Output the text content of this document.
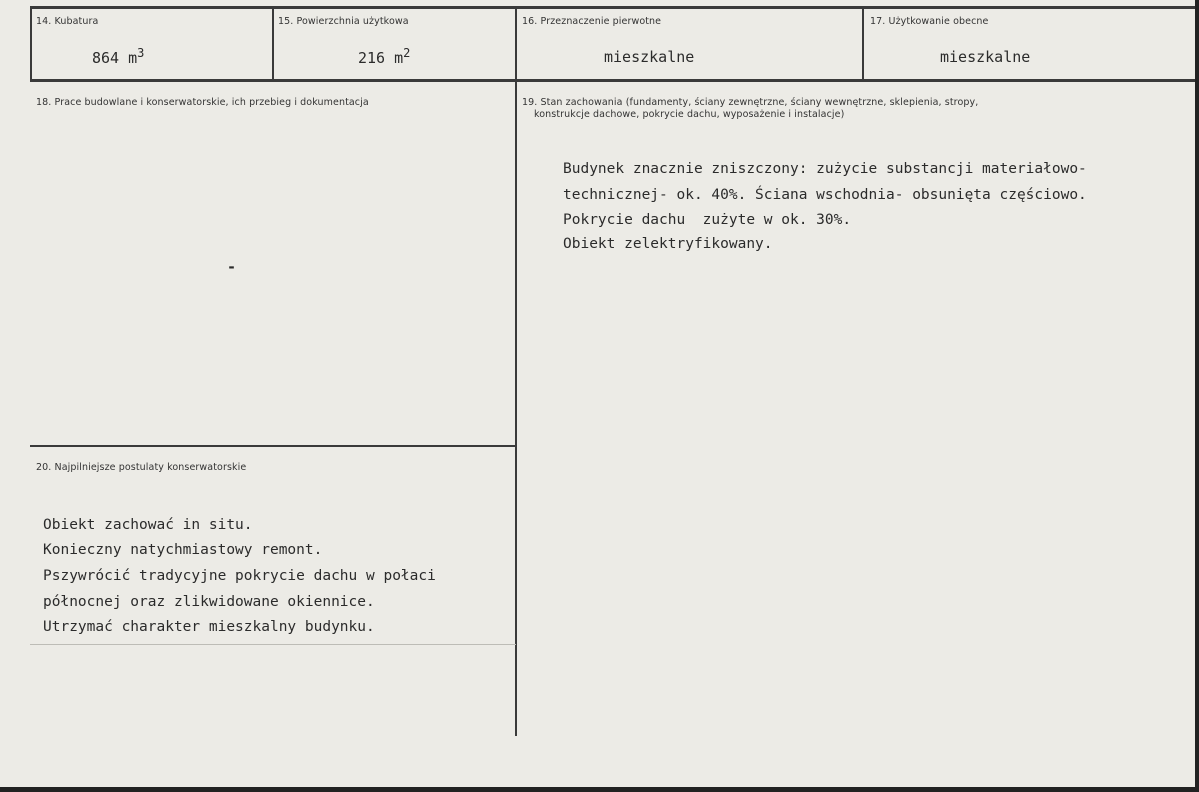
14. Kubatura
864 $m^3$
15. Powierzchnia użytkowa
216 $m^2$
16. Przeznaczenie pierwotne
mieszkalne
17. Użytkowanie obecne
mieszkalne
18. Prace budowlane i konserwatorskie, ich przebieg i dokumentacja
-
19. Stan zachowania (fundamenty, ściany zewnętrzne, ściany wewnętrzne, sklepienia, stropy,
konstrukcje dachowe, pokrycie dachu, wyposażenie i instalacje)
Budynek znacznie zniszczony: zużycie substancji materiałowo-
technicznej- ok. 40%. Ściana wschodnia- obsunięta częściowo.
Pokrycie dachu  zużyte w ok. 30%.
Obiekt zelektryfikowany.
20. Najpilniejsze postulaty konserwatorskie
Obiekt zachować in situ.
Konieczny natychmiastowy remont.
Pszywrócić tradycyjne pokrycie dachu w połaci
północnej oraz zlikwidowane okiennice.
Utrzymać charakter mieszkalny budynku.
